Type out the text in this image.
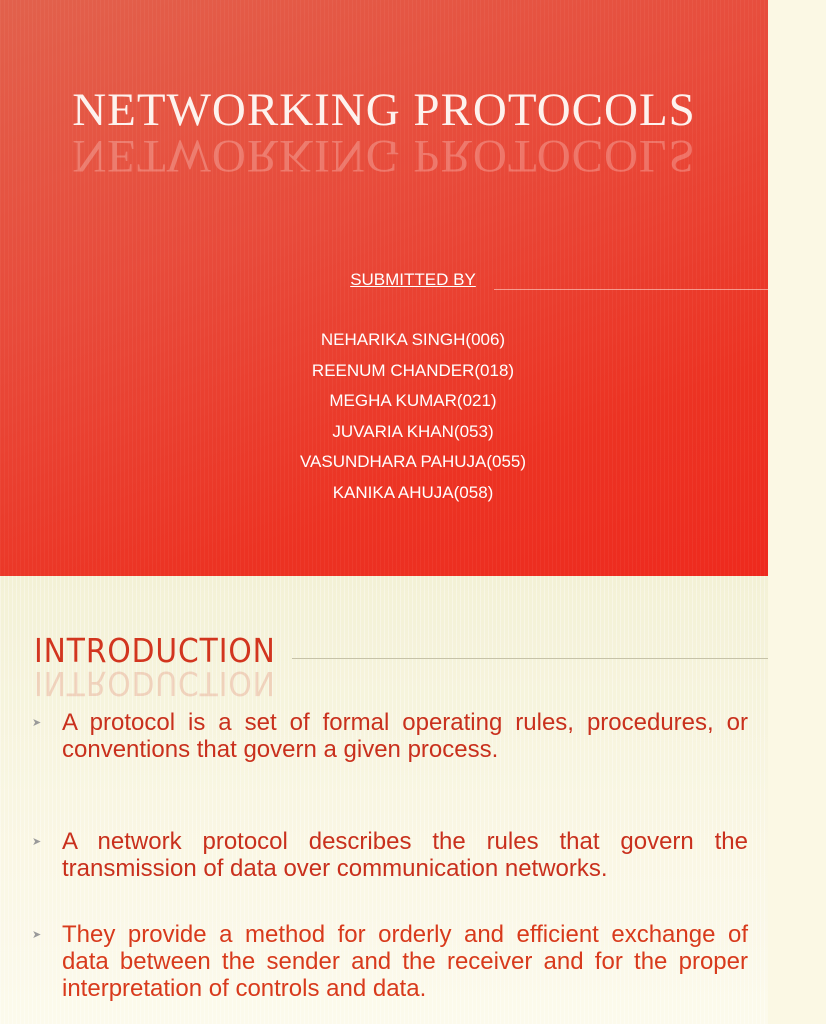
NETWORKING PROTOCOLS
NETWORKING PROTOCOLS
SUBMITTED BY
NEHARIKA SINGH(006)
REENUM CHANDER(018)
MEGHA KUMAR(021)
JUVARIA KHAN(053)
VASUNDHARA PAHUJA(055)
KANIKA AHUJA(058)
INTRODUCTION
INTRODUCTION
➤ A protocol is a set of formal operating rules, procedures, or conventions that govern a given process.
➤ A network protocol describes the rules that govern the transmission of data over communication networks.
➤ They provide a method for orderly and efficient exchange of data between the sender and the receiver and for the proper interpretation of controls and data.
